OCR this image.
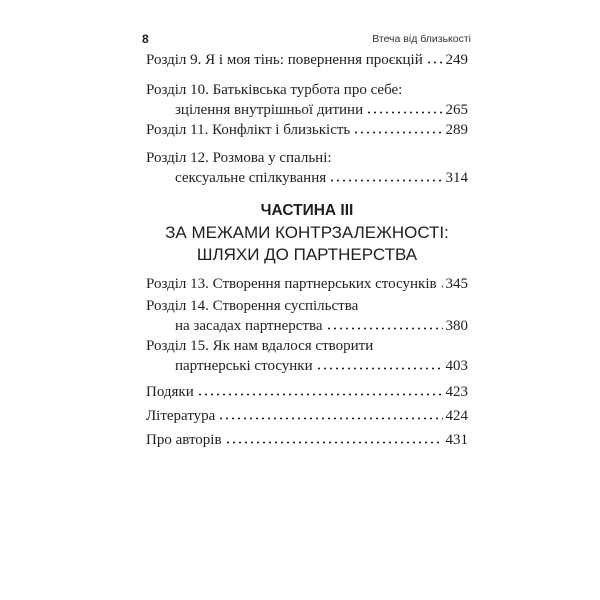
8	Втеча від близькості
Розділ 9. Я і моя тінь: повернення проєкцій 249
Розділ 10. Батьківська турбота про себе:
зцілення внутрішньої дитини	265
Розділ 11. Конфлікт і близькість	289
Розділ 12. Розмова у спальні:
сексуальне спілкування	314
ЧАСТИНА III
ЗА МЕЖАМИ КОНТРЗАЛЕЖНОСТІ:
ШЛЯХИ ДО ПАРТНЕРСТВА
Розділ 13. Створення партнерських стосунків 345
Розділ 14. Створення суспільства
на засадах партнерства	380
Розділ 15. Як нам вдалося створити
партнерські стосунки	403
Подяки	423
Література	424
Про авторів	431
